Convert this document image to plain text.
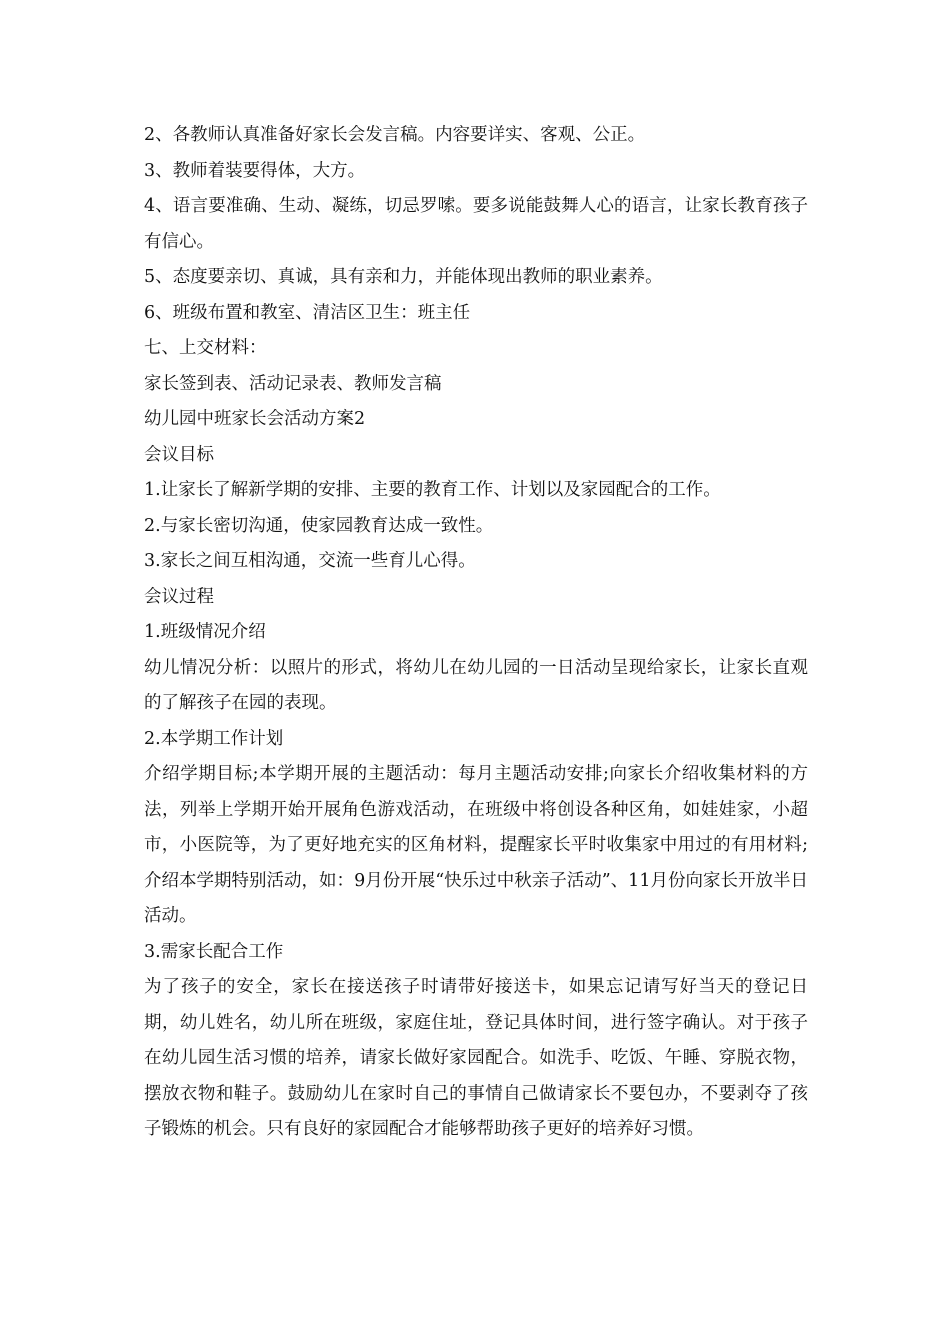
2、各教师认真准备好家长会发言稿。内容要详实、客观、公正。

3、教师着装要得体，大方。

4、语言要准确、生动、凝练，切忌罗嗦。要多说能鼓舞人心的语言，让家长教育孩子有信心。

5、态度要亲切、真诚，具有亲和力，并能体现出教师的职业素养。

6、班级布置和教室、清洁区卫生：班主任

七、上交材料：

家长签到表、活动记录表、教师发言稿

幼儿园中班家长会活动方案2

会议目标

1.让家长了解新学期的安排、主要的教育工作、计划以及家园配合的工作。

2.与家长密切沟通，使家园教育达成一致性。

3.家长之间互相沟通，交流一些育儿心得。

会议过程

1.班级情况介绍

幼儿情况分析：以照片的形式，将幼儿在幼儿园的一日活动呈现给家长，让家长直观的了解孩子在园的表现。

2.本学期工作计划

介绍学期目标;本学期开展的主题活动：每月主题活动安排;向家长介绍收集材料的方法，列举上学期开始开展角色游戏活动，在班级中将创设各种区角，如娃娃家，小超市，小医院等，为了更好地充实的区角材料，提醒家长平时收集家中用过的有用材料;介绍本学期特别活动，如：9月份开展“快乐过中秋亲子活动”、11月份向家长开放半日活动。

3.需家长配合工作

为了孩子的安全，家长在接送孩子时请带好接送卡，如果忘记请写好当天的登记日期，幼儿姓名，幼儿所在班级，家庭住址，登记具体时间，进行签字确认。对于孩子在幼儿园生活习惯的培养，请家长做好家园配合。如洗手、吃饭、午睡、穿脱衣物，摆放衣物和鞋子。鼓励幼儿在家时自己的事情自己做请家长不要包办，不要剥夺了孩子锻炼的机会。只有良好的家园配合才能够帮助孩子更好的培养好习惯。
